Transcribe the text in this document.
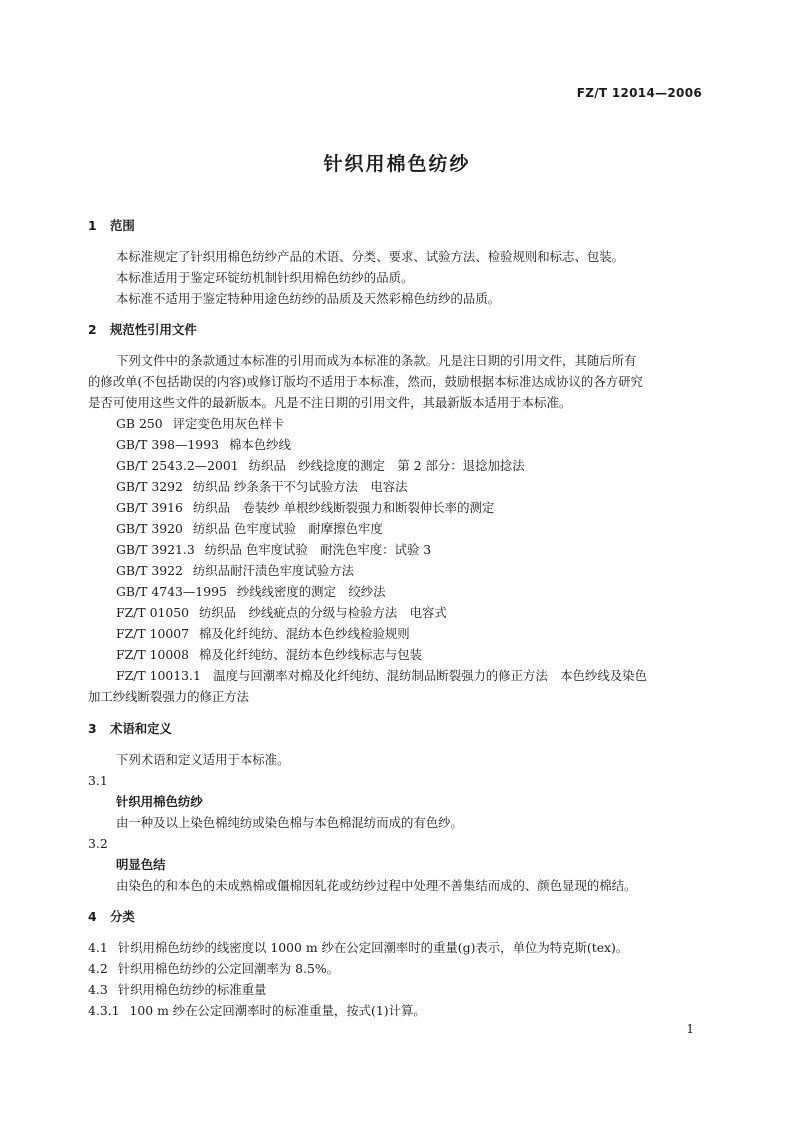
FZ/T 12014—2006
针织用棉色纺纱
1 范围
本标准规定了针织用棉色纺纱产品的术语、分类、要求、试验方法、检验规则和标志、包装。
本标准适用于鉴定环锭纺机制针织用棉色纺纱的品质。
本标准不适用于鉴定特种用途色纺纱的品质及天然彩棉色纺纱的品质。
2 规范性引用文件
下列文件中的条款通过本标准的引用而成为本标准的条款。凡是注日期的引用文件，其随后所有
的修改单(不包括勘误的内容)或修订版均不适用于本标准，然而，鼓励根据本标准达成协议的各方研究
是否可使用这些文件的最新版本。凡是不注日期的引用文件，其最新版本适用于本标准。
GB 250 评定变色用灰色样卡
GB/T 398—1993 棉本色纱线
GB/T 2543.2—2001 纺织品　纱线捻度的测定　第 2 部分：退捻加捻法
GB/T 3292 纺织品 纱条条干不匀试验方法　电容法
GB/T 3916 纺织品　卷装纱 单根纱线断裂强力和断裂伸长率的测定
GB/T 3920 纺织品 色牢度试验　耐摩擦色牢度
GB/T 3921.3 纺织品 色牢度试验　耐洗色牢度：试验 3
GB/T 3922 纺织品耐汗渍色牢度试验方法
GB/T 4743—1995 纱线线密度的测定　绞纱法
FZ/T 01050 纺织品　纱线疵点的分级与检验方法　电容式
FZ/T 10007 棉及化纤纯纺、混纺本色纱线检验规则
FZ/T 10008 棉及化纤纯纺、混纺本色纱线标志与包装
FZ/T 10013.1　温度与回潮率对棉及化纤纯纺、混纺制品断裂强力的修正方法　本色纱线及染色
加工纱线断裂强力的修正方法
3 术语和定义
下列术语和定义适用于本标准。
3.1
针织用棉色纺纱
由一种及以上染色棉纯纺或染色棉与本色棉混纺而成的有色纱。
3.2
明显色结
由染色的和本色的未成熟棉或僵棉因轧花或纺纱过程中处理不善集结而成的、颜色显现的棉结。
4 分类
4.1 针织用棉色纺纱的线密度以 1000 m 纱在公定回潮率时的重量(g)表示，单位为特克斯(tex)。
4.2 针织用棉色纺纱的公定回潮率为 8.5%。
4.3 针织用棉色纺纱的标准重量
4.3.1 100 m 纱在公定回潮率时的标准重量，按式(1)计算。
1
